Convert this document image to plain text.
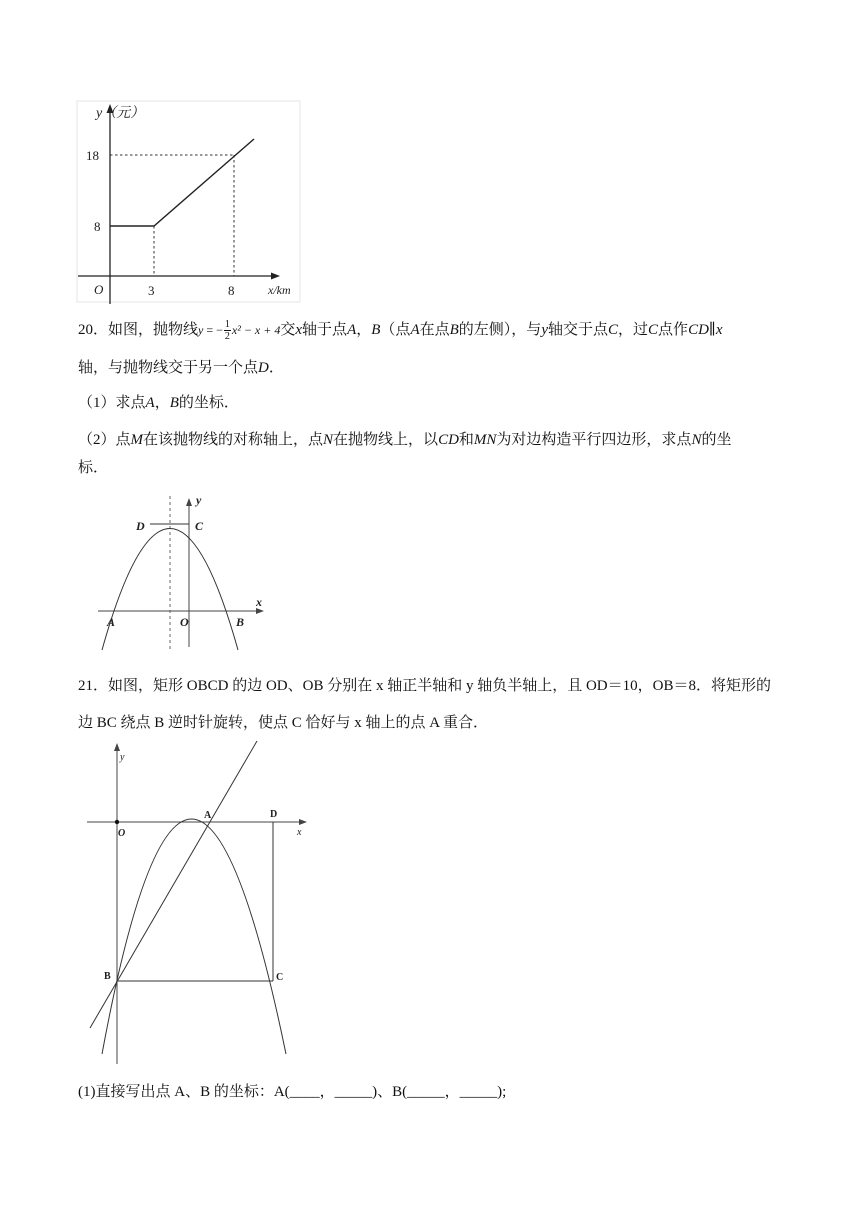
y（元）
18
8
O	3	8	x/km

20．如图，抛物线y = − $\frac{1}{2} x^2 - x + 4$交x轴于点A，B（点A在点B的左侧），与y轴交于点C，过C点作CD∥x

轴，与抛物线交于另一个点D．

（1）求点A，B的坐标．

（2）点M在该抛物线的对称轴上，点N在抛物线上，以CD和MN为对边构造平行四边形，求点N的坐

标．

D	C
y
x
A	O	B

21．如图，矩形 OBCD 的边 OD、OB 分别在 x 轴正半轴和 y 轴负半轴上，且 OD＝10，OB＝8．将矩形的

边 BC 绕点 B 逆时针旋转，使点 C 恰好与 x 轴上的点 A 重合．

y
A	D
O	x
B	C

(1)直接写出点 A、B 的坐标：A(____，_____)、B(_____，_____);
